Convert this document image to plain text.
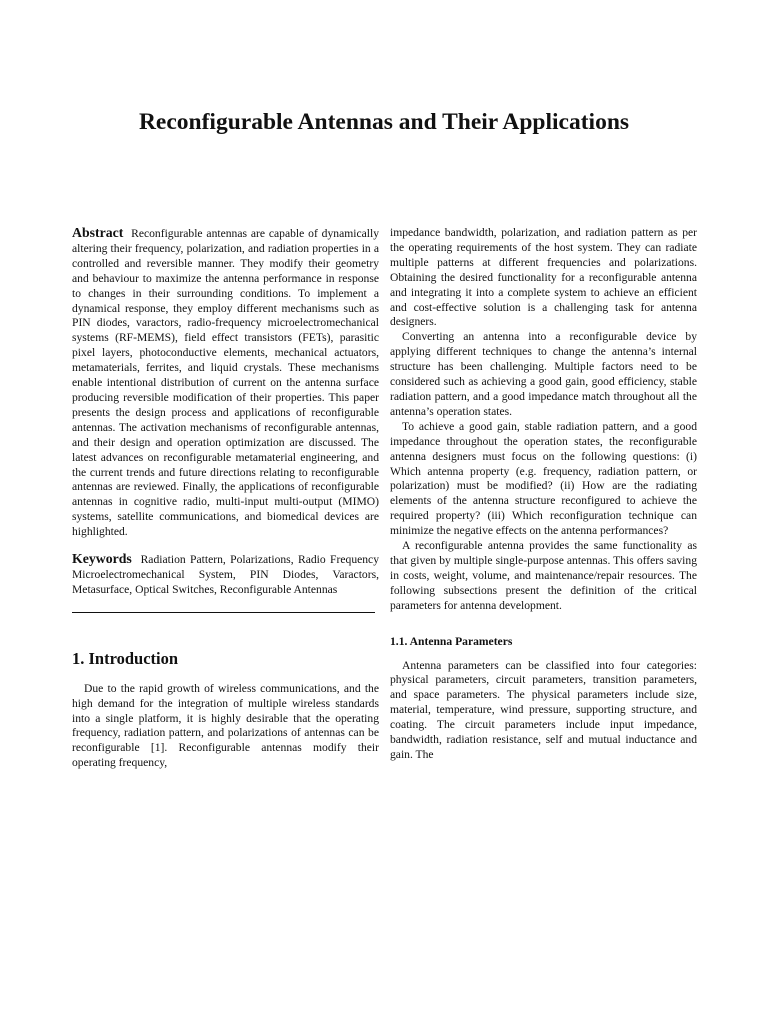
Reconfigurable Antennas and Their Applications

Abstract Reconfigurable antennas are capable of dynamically altering their frequency, polarization, and radiation properties in a controlled and reversible manner. They modify their geometry and behaviour to maximize the antenna performance in response to changes in their surrounding conditions. To implement a dynamical response, they employ different mechanisms such as PIN diodes, varactors, radio-frequency microelectromechanical systems (RF-MEMS), field effect transistors (FETs), parasitic pixel layers, photoconductive elements, mechanical actuators, metamaterials, ferrites, and liquid crystals. These mechanisms enable intentional distribution of current on the antenna surface producing reversible modification of their properties. This paper presents the design process and applications of reconfigurable antennas. The activation mechanisms of reconfigurable antennas, and their design and operation optimization are discussed. The latest advances on reconfigurable metamaterial engineering, and the current trends and future directions relating to reconfigurable antennas are reviewed. Finally, the applications of reconfigurable antennas in cognitive radio, multi-input multi-output (MIMO) systems, satellite communications, and biomedical devices are highlighted.

Keywords Radiation Pattern, Polarizations, Radio Frequency Microelectromechanical System, PIN Diodes, Varactors, Metasurface, Optical Switches, Reconfigurable Antennas

1. Introduction

Due to the rapid growth of wireless communications, and the high demand for the integration of multiple wireless standards into a single platform, it is highly desirable that the operating frequency, radiation pattern, and polarizations of antennas can be reconfigurable [1]. Reconfigurable antennas modify their operating frequency,

impedance bandwidth, polarization, and radiation pattern as per the operating requirements of the host system. They can radiate multiple patterns at different frequencies and polarizations. Obtaining the desired functionality for a reconfigurable antenna and integrating it into a complete system to achieve an efficient and cost-effective solution is a challenging task for antenna designers.

Converting an antenna into a reconfigurable device by applying different techniques to change the antenna’s internal structure has been challenging. Multiple factors need to be considered such as achieving a good gain, good efficiency, stable radiation pattern, and a good impedance match throughout all the antenna’s operation states.

To achieve a good gain, stable radiation pattern, and a good impedance throughout the operation states, the reconfigurable antenna designers must focus on the following questions: (i) Which antenna property (e.g. frequency, radiation pattern, or polarization) must be modified? (ii) How are the radiating elements of the antenna structure reconfigured to achieve the required property? (iii) Which reconfiguration technique can minimize the negative effects on the antenna performances?

A reconfigurable antenna provides the same functionality as that given by multiple single-purpose antennas. This offers saving in costs, weight, volume, and maintenance/repair resources. The following subsections present the definition of the critical parameters for antenna development.

1.1. Antenna Parameters

Antenna parameters can be classified into four categories: physical parameters, circuit parameters, transition parameters, and space parameters. The physical parameters include size, material, temperature, wind pressure, supporting structure, and coating. The circuit parameters include input impedance, bandwidth, radiation resistance, self and mutual inductance and gain. The
